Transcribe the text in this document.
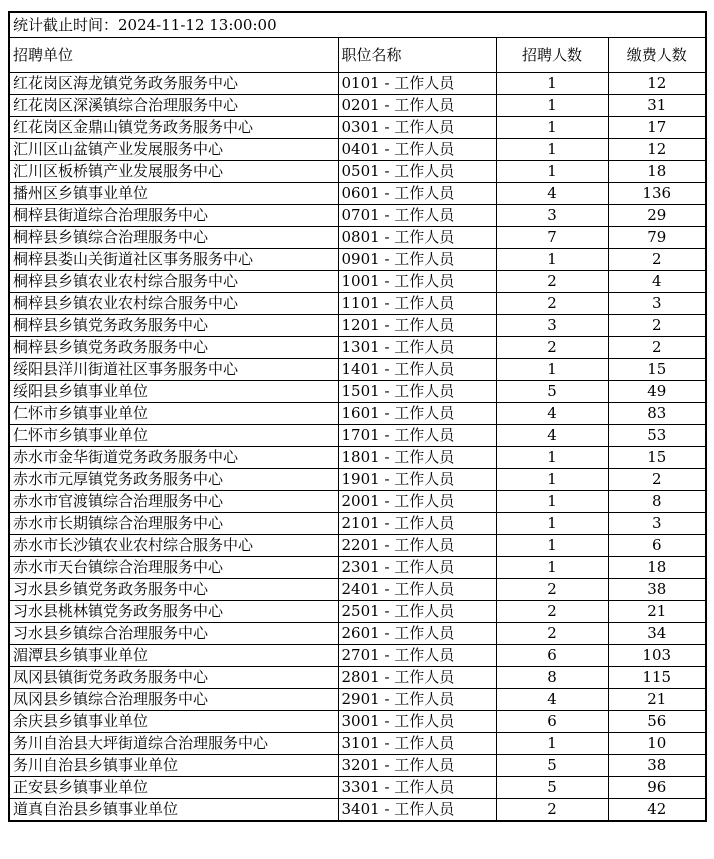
统计截止时间：2024-11-12 13:00:00			
招聘单位	职位名称	招聘人数	缴费人数
红花岗区海龙镇党务政务服务中心	0101 - 工作人员	1	12
红花岗区深溪镇综合治理服务中心	0201 - 工作人员	1	31
红花岗区金鼎山镇党务政务服务中心	0301 - 工作人员	1	17
汇川区山盆镇产业发展服务中心	0401 - 工作人员	1	12
汇川区板桥镇产业发展服务中心	0501 - 工作人员	1	18
播州区乡镇事业单位	0601 - 工作人员	4	136
桐梓县街道综合治理服务中心	0701 - 工作人员	3	29
桐梓县乡镇综合治理服务中心	0801 - 工作人员	7	79
桐梓县娄山关街道社区事务服务中心	0901 - 工作人员	1	2
桐梓县乡镇农业农村综合服务中心	1001 - 工作人员	2	4
桐梓县乡镇农业农村综合服务中心	1101 - 工作人员	2	3
桐梓县乡镇党务政务服务中心	1201 - 工作人员	3	2
桐梓县乡镇党务政务服务中心	1301 - 工作人员	2	2
绥阳县洋川街道社区事务服务中心	1401 - 工作人员	1	15
绥阳县乡镇事业单位	1501 - 工作人员	5	49
仁怀市乡镇事业单位	1601 - 工作人员	4	83
仁怀市乡镇事业单位	1701 - 工作人员	4	53
赤水市金华街道党务政务服务中心	1801 - 工作人员	1	15
赤水市元厚镇党务政务服务中心	1901 - 工作人员	1	2
赤水市官渡镇综合治理服务中心	2001 - 工作人员	1	8
赤水市长期镇综合治理服务中心	2101 - 工作人员	1	3
赤水市长沙镇农业农村综合服务中心	2201 - 工作人员	1	6
赤水市天台镇综合治理服务中心	2301 - 工作人员	1	18
习水县乡镇党务政务服务中心	2401 - 工作人员	2	38
习水县桃林镇党务政务服务中心	2501 - 工作人员	2	21
习水县乡镇综合治理服务中心	2601 - 工作人员	2	34
湄潭县乡镇事业单位	2701 - 工作人员	6	103
凤冈县镇街党务政务服务中心	2801 - 工作人员	8	115
凤冈县乡镇综合治理服务中心	2901 - 工作人员	4	21
余庆县乡镇事业单位	3001 - 工作人员	6	56
务川自治县大坪街道综合治理服务中心	3101 - 工作人员	1	10
务川自治县乡镇事业单位	3201 - 工作人员	5	38
正安县乡镇事业单位	3301 - 工作人员	5	96
道真自治县乡镇事业单位	3401 - 工作人员	2	42
